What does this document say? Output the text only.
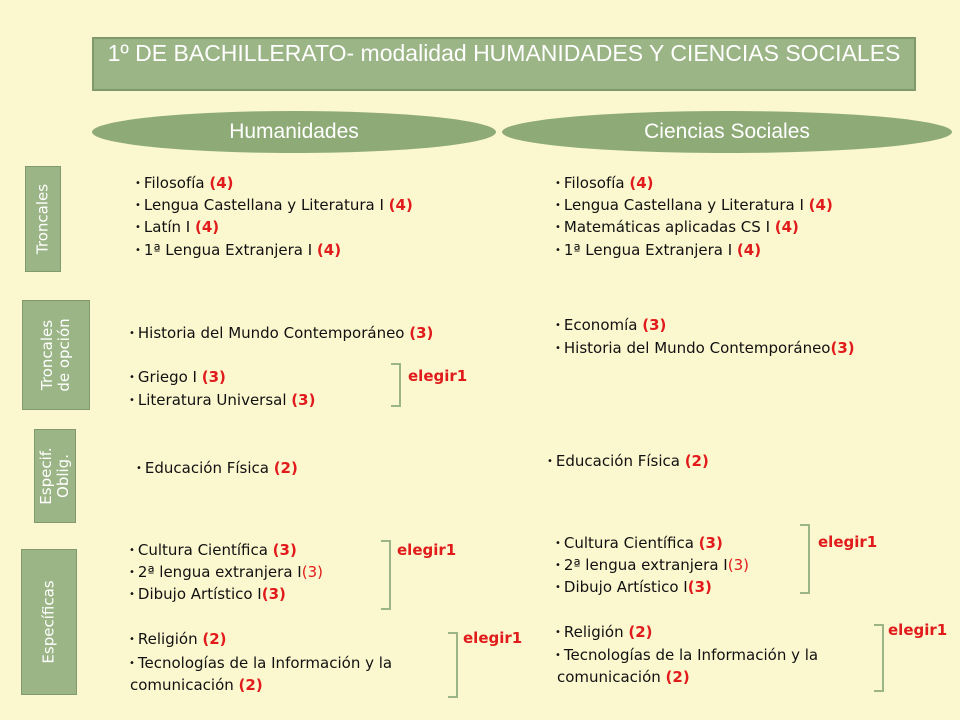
1º DE BACHILLERATO- modalidad HUMANIDADES Y CIENCIAS SOCIALES
Humanidades	Ciencias Sociales
Troncales
Troncales
de opción
Especif.
Oblig.
Específicas
• Filosofía (4)
• Lengua Castellana y Literatura I (4)
• Latín I (4)
• 1ª Lengua Extranjera I (4)
• Historia del Mundo Contemporáneo (3)
• Griego I (3)
• Literatura Universal (3)
elegir1
• Educación Física (2)
• Cultura Científica (3)
• 2ª lengua extranjera I(3)
• Dibujo Artístico I(3)
elegir1
• Religión (2)
• Tecnologías de la Información y la
comunicación (2)
elegir1
• Filosofía (4)
• Lengua Castellana y Literatura I (4)
• Matemáticas aplicadas CS I (4)
• 1ª Lengua Extranjera I (4)
• Economía (3)
• Historia del Mundo Contemporáneo(3)
• Educación Física (2)
• Cultura Científica (3)
• 2ª lengua extranjera I(3)
• Dibujo Artístico I(3)
elegir1
• Religión (2)
• Tecnologías de la Información y la
comunicación (2)
elegir1
